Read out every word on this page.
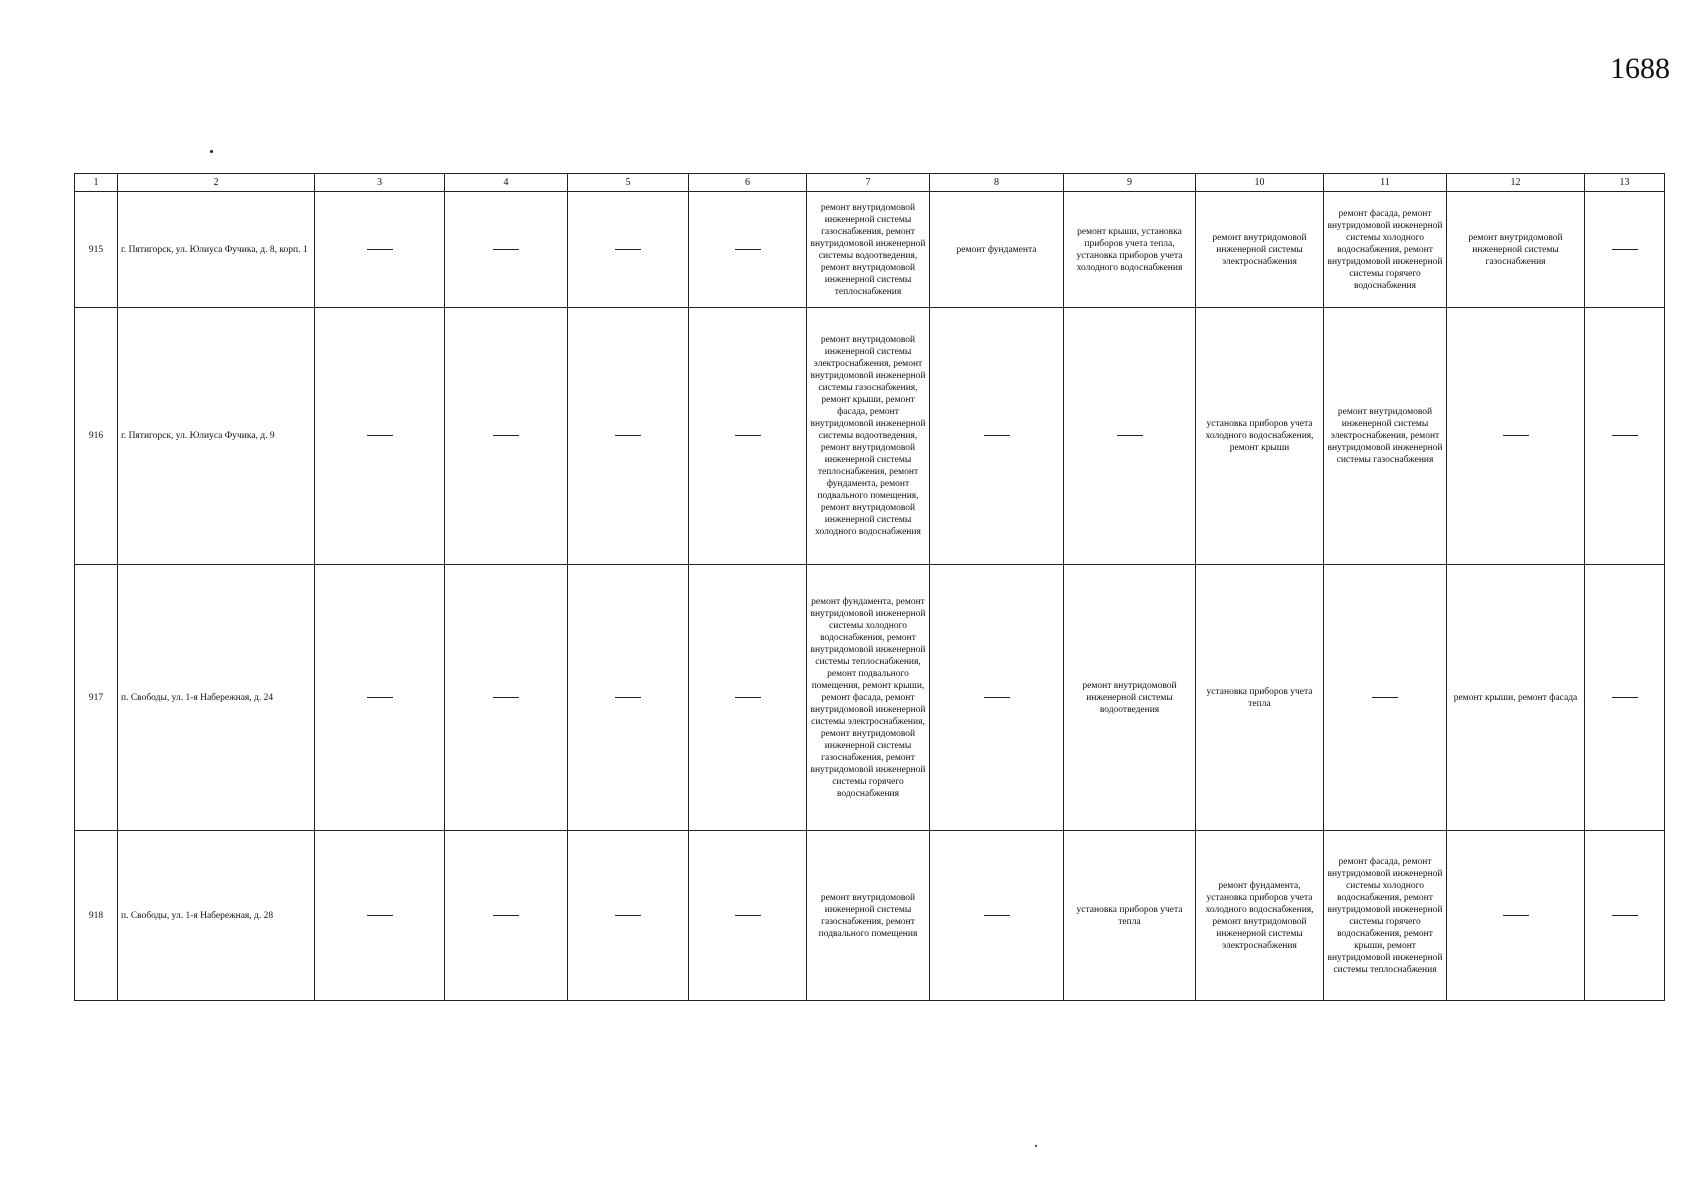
1688
1	2	3	4	5	6	7	8	9	10	11	12	13
915	г. Пятигорск, ул. Юлиуса Фучика, д. 8, корп. 1					ремонт внутридомовой инженерной системы газоснабжения, ремонт внутридомовой инженерной системы водоотведения, ремонт внутридомовой инженерной системы теплоснабжения	ремонт фундамента	ремонт крыши, установка приборов учета тепла, установка приборов учета холодного водоснабжения	ремонт внутридомовой инженерной системы электроснабжения	ремонт фасада, ремонт внутридомовой инженерной системы холодного водоснабжения, ремонт внутридомовой инженерной системы горячего водоснабжения	ремонт внутридомовой инженерной системы газоснабжения	
916	г. Пятигорск, ул. Юлиуса Фучика, д. 9					ремонт внутридомовой инженерной системы электроснабжения, ремонт внутридомовой инженерной системы газоснабжения, ремонт крыши, ремонт фасада, ремонт внутридомовой инженерной системы водоотведения, ремонт внутридомовой инженерной системы теплоснабжения, ремонт фундамента, ремонт подвального помещения, ремонт внутридомовой инженерной системы холодного водоснабжения			установка приборов учета холодного водоснабжения, ремонт крыши	ремонт внутридомовой инженерной системы электроснабжения, ремонт внутридомовой инженерной системы газоснабжения		
917	п. Свободы, ул. 1-я Набережная, д. 24					ремонт фундамента, ремонт внутридомовой инженерной системы холодного водоснабжения, ремонт внутридомовой инженерной системы теплоснабжения, ремонт подвального помещения, ремонт крыши, ремонт фасада, ремонт внутридомовой инженерной системы электроснабжения, ремонт внутридомовой инженерной системы газоснабжения, ремонт внутридомовой инженерной системы горячего водоснабжения		ремонт внутридомовой инженерной системы водоотведения	установка приборов учета тепла		ремонт крыши, ремонт фасада	
918	п. Свободы, ул. 1-я Набережная, д. 28					ремонт внутридомовой инженерной системы газоснабжения, ремонт подвального помещения		установка приборов учета тепла	ремонт фундамента, установка приборов учета холодного водоснабжения, ремонт внутридомовой инженерной системы электроснабжения	ремонт фасада, ремонт внутридомовой инженерной системы холодного водоснабжения, ремонт внутридомовой инженерной системы горячего водоснабжения, ремонт крыши, ремонт внутридомовой инженерной системы теплоснабжения		
